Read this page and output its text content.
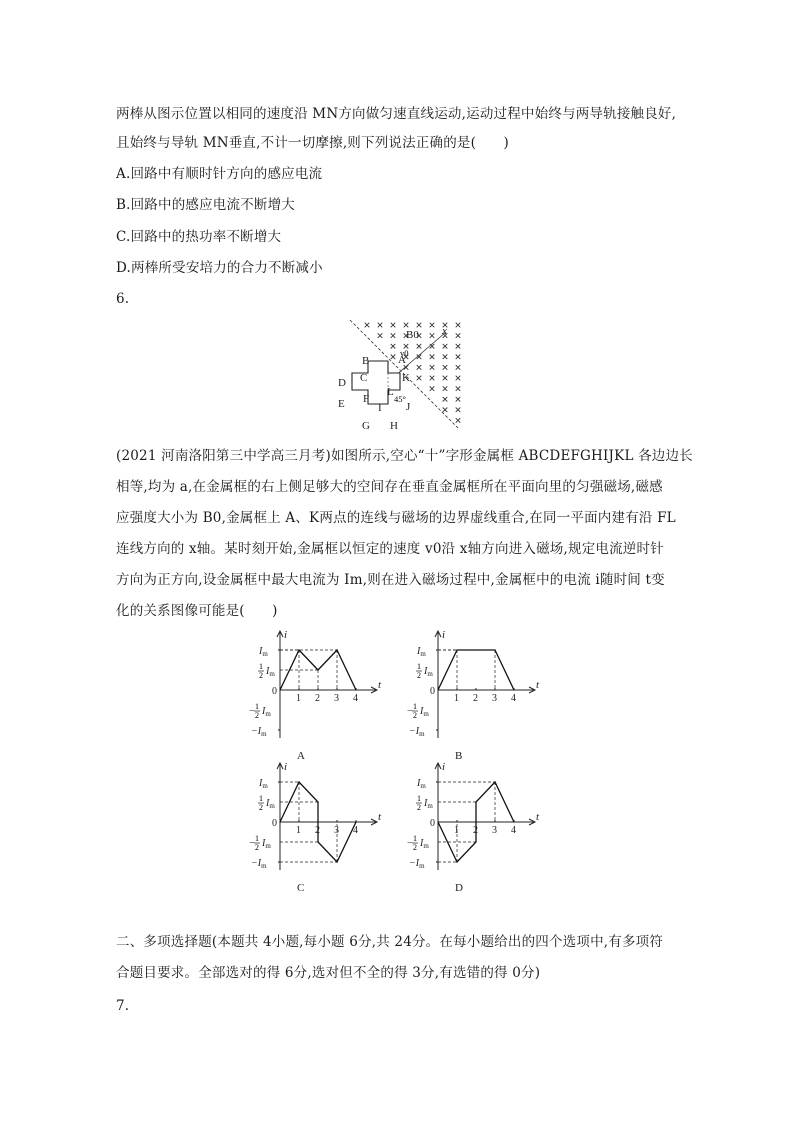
两棒从图示位置以相同的速度沿 MN方向做匀速直线运动,运动过程中始终与两导轨接触良好,
且始终与导轨 MN垂直,不计一切摩擦,则下列说法正确的是(　　)
A.回路中有顺时针方向的感应电流
B.回路中的感应电流不断增大
C.回路中的热功率不断增大
D.两棒所受安培力的合力不断减小
6.
B
C
D
E F
L
K
45°
J
I
G H
A
B0
v0
x
(2021 河南洛阳第三中学高三月考)如图所示,空心“十”字形金属框 ABCDEFGHIJKL 各边边长
相等,均为 a,在金属框的右上侧足够大的空间存在垂直金属框所在平面向里的匀强磁场,磁感
应强度大小为 B0,金属框上 A、K两点的连线与磁场的边界虚线重合,在同一平面内建有沿 FL
连线方向的 x轴。某时刻开始,金属框以恒定的速度 v0沿 x轴方向进入磁场,规定电流逆时针
方向为正方向,设金属框中最大电流为 Im,则在进入磁场过程中,金属框中的电流 i随时间 t变
化的关系图像可能是(　　)
i
t
$I_m$
1
2 $I_m$
0
− 1
2 $I_m$
$-I_m$
1 2 3 4
A
i
t
$I_m$
1
2 $I_m$
0
− 1
2 $I_m$
$-I_m$
1 2 3 4
B
i
t
$I_m$
1
2 $I_m$
0
− 1
2 $I_m$
$-I_m$
1 2 3 4
C
i
t
$I_m$
1
2 $I_m$
0
− 1
2 $I_m$
$-I_m$
1 2 3 4
D
二、多项选择题(本题共 4小题,每小题 6分,共 24分。在每小题给出的四个选项中,有多项符
合题目要求。全部选对的得 6分,选对但不全的得 3分,有选错的得 0分)
7.
